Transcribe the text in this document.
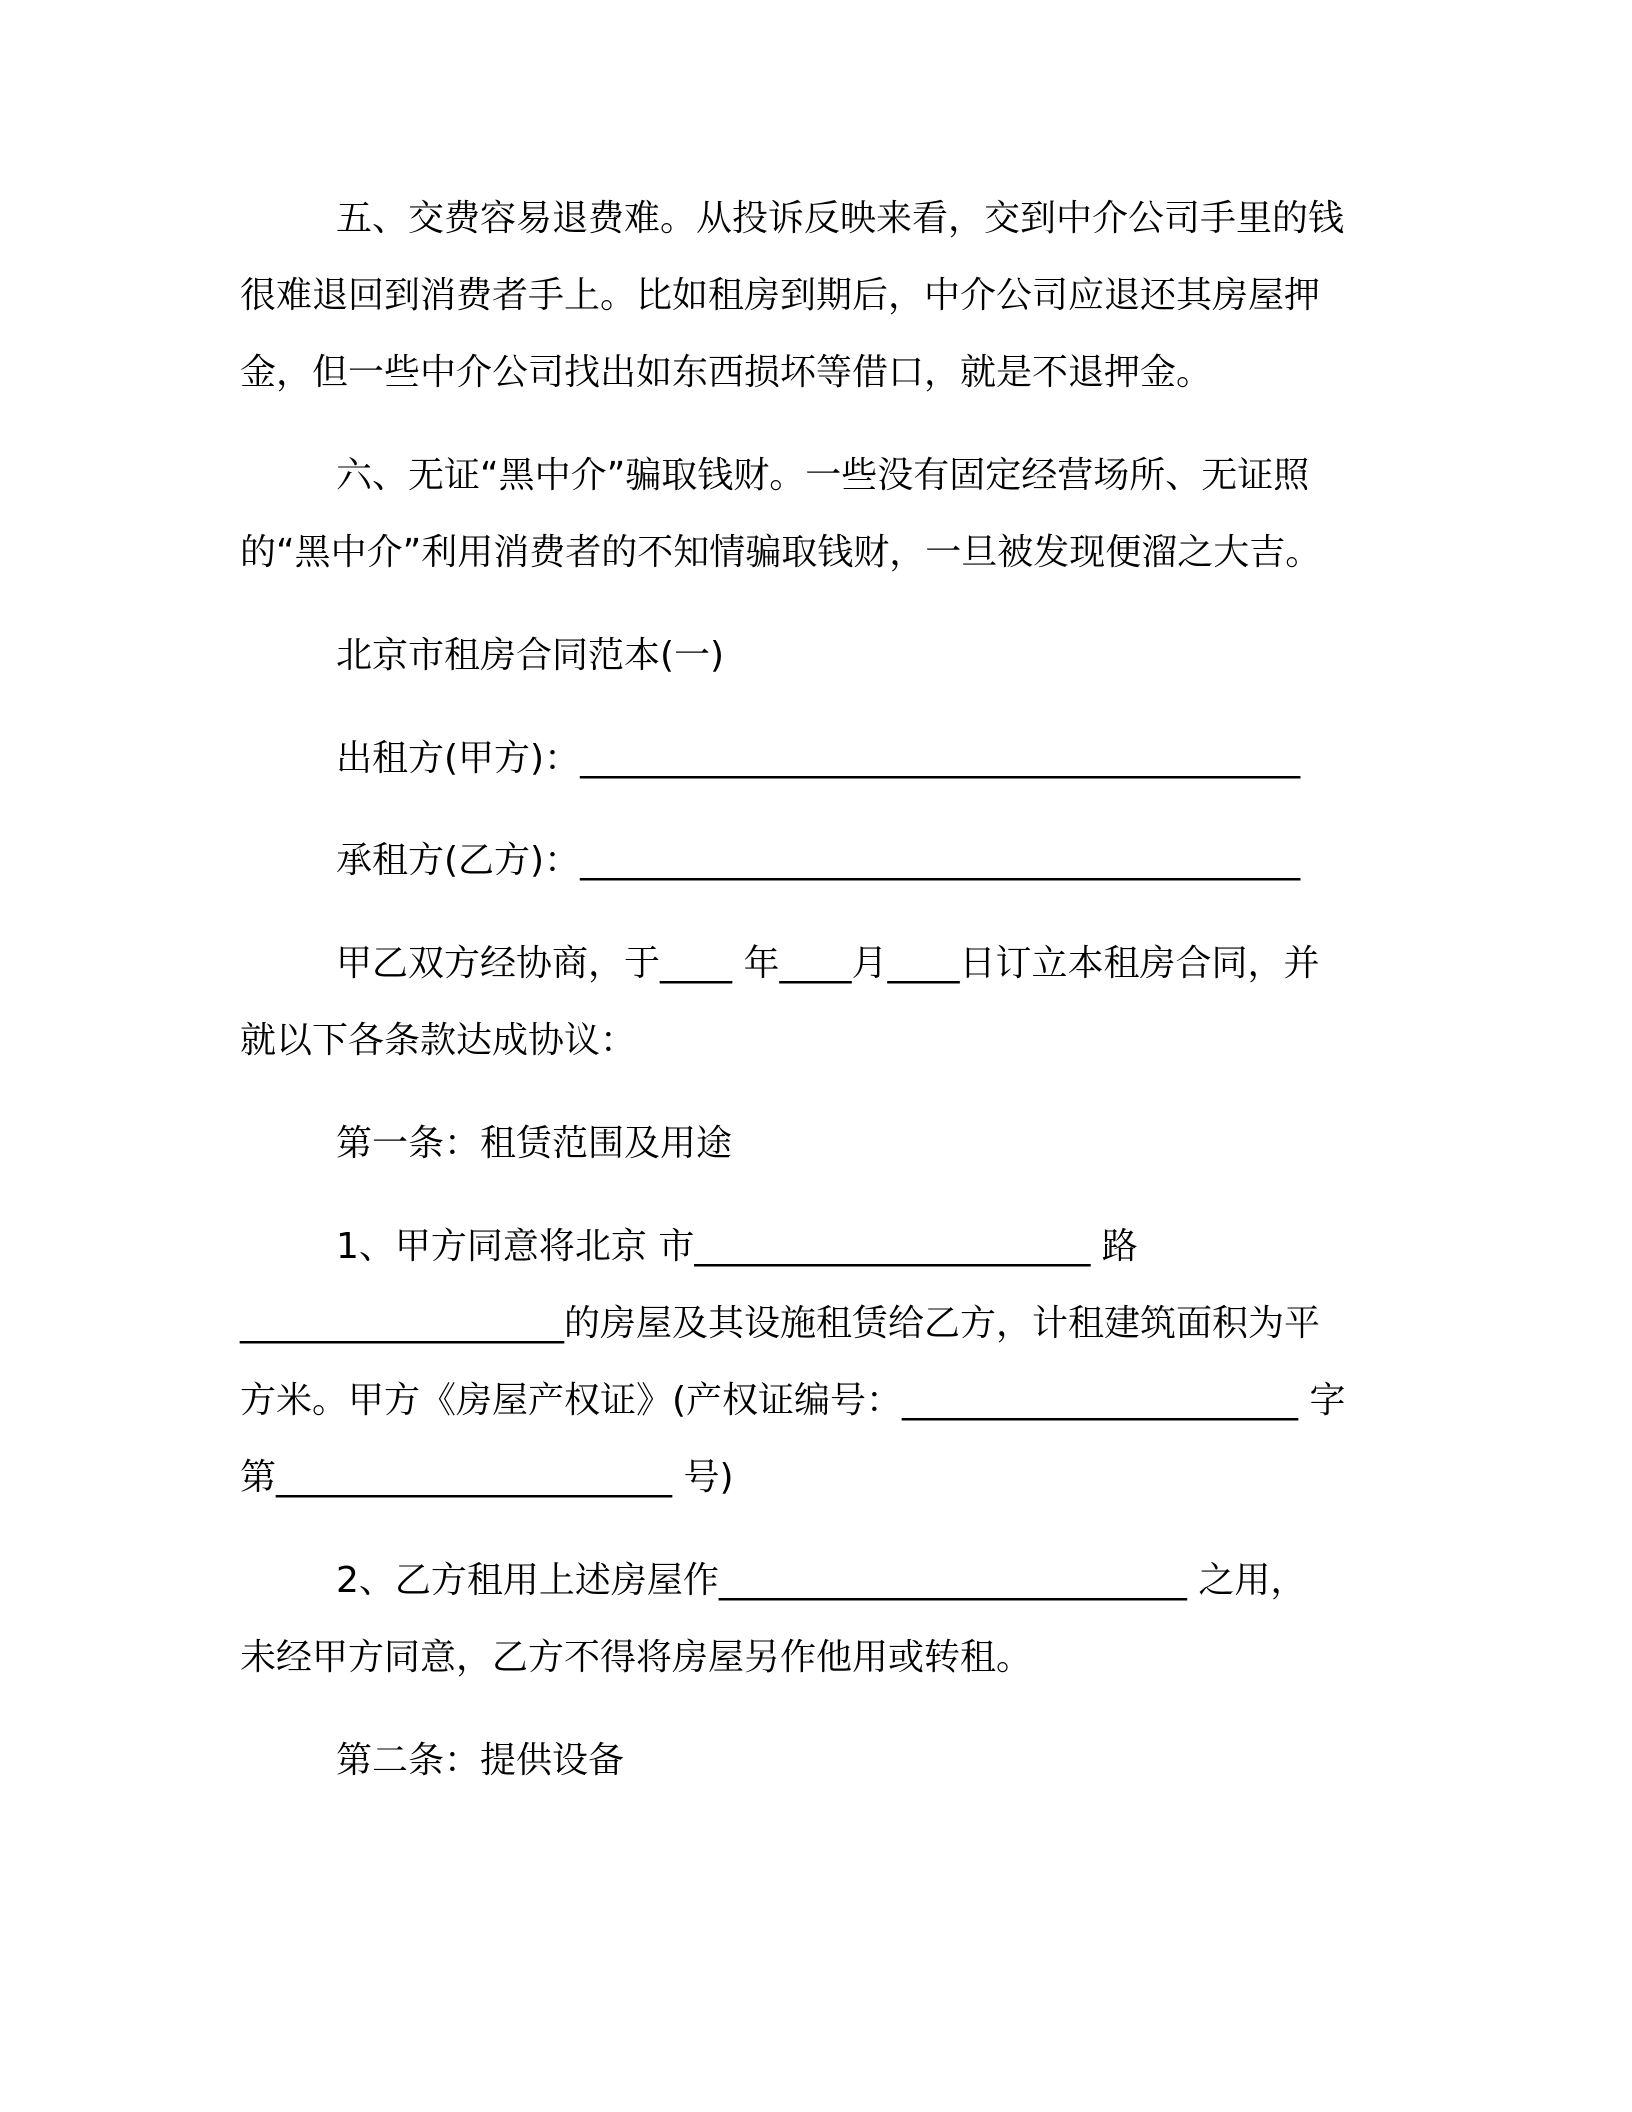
五、交费容易退费难。从投诉反映来看，交到中介公司手里的钱
很难退回到消费者手上。比如租房到期后，中介公司应退还其房屋押
金，但一些中介公司找出如东西损坏等借口，就是不退押金。
六、无证“黑中介”骗取钱财。一些没有固定经营场所、无证照
的“黑中介”利用消费者的不知情骗取钱财，一旦被发现便溜之大吉。
北京市租房合同范本(一)
出租方(甲方)：________________________________________
承租方(乙方)：________________________________________
甲乙双方经协商，于____ 年____月____日订立本租房合同，并
就以下各条款达成协议：
第一条：租赁范围及用途
1、甲方同意将北京 市______________________ 路
__________________的房屋及其设施租赁给乙方，计租建筑面积为平
方米。甲方《房屋产权证》(产权证编号：______________________ 字
第______________________ 号)
2、乙方租用上述房屋作__________________________ 之用，
未经甲方同意，乙方不得将房屋另作他用或转租。
第二条：提供设备
